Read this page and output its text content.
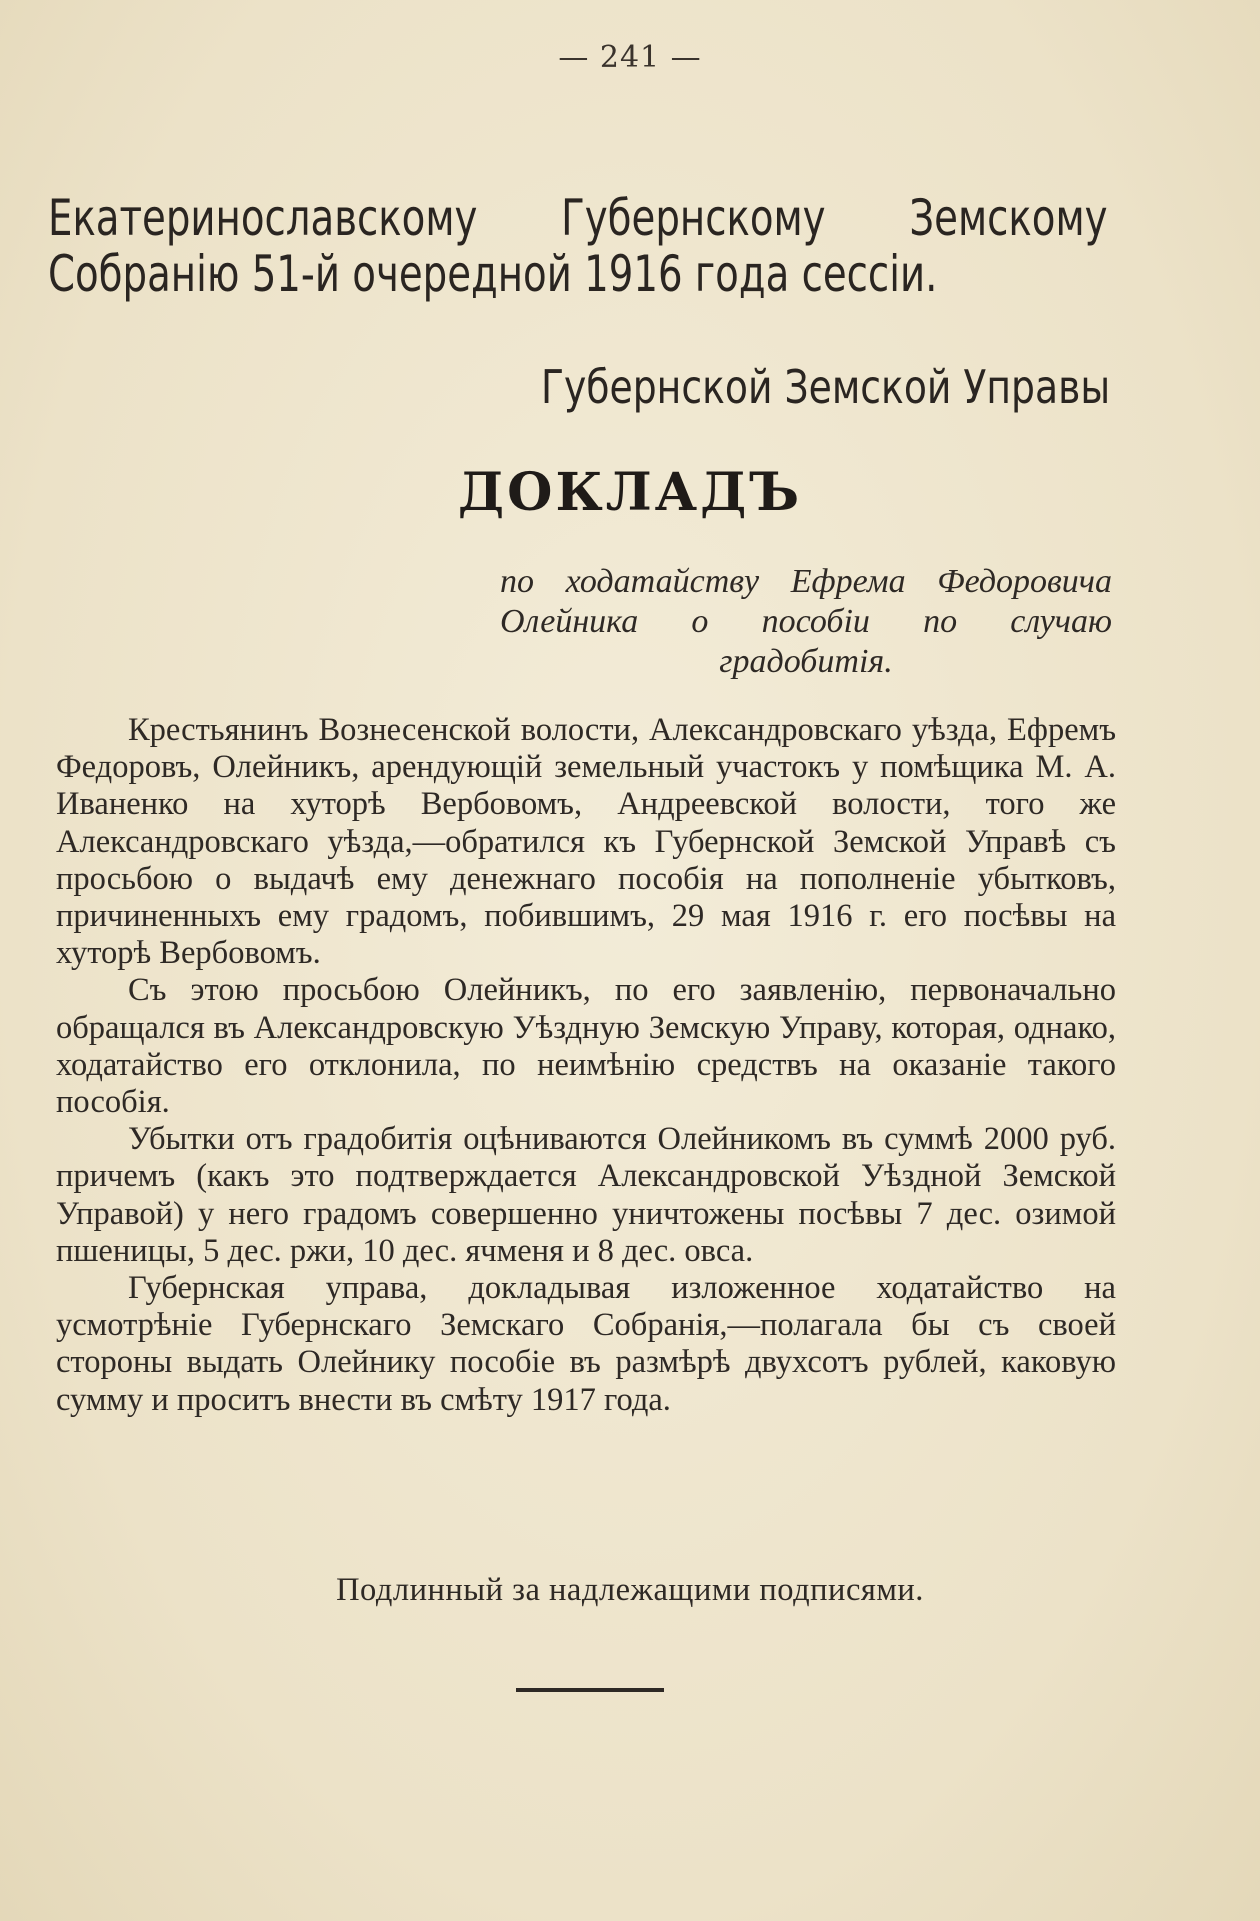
— 241 —
Екатеринославскому Губернскому Земскому Собранію 51-й очередной 1916 года сессіи.
Губернской Земской Управы
ДОКЛАДЪ
по ходатайству Ефрема Федоровича Олейника о пособіи по случаю градобитія.

Крестьянинъ Вознесенской волости, Александровскаго уѣзда, Ефремъ Федоровъ, Олейникъ, арендующій земельный участокъ у помѣщика М. А. Иваненко на хуторѣ Вербовомъ, Андреевской волости, того же Александровскаго уѣзда,—обратился къ Губернской Земской Управѣ съ просьбою о выдачѣ ему денежнаго пособія на пополненіе убытковъ, причиненныхъ ему градомъ, побившимъ, 29 мая 1916 г. его посѣвы на хуторѣ Вербовомъ.

Съ этою просьбою Олейникъ, по его заявленію, первоначально обращался въ Александровскую Уѣздную Земскую Управу, которая, однако, ходатайство его отклонила, по неимѣнію средствъ на оказаніе такого пособія.

Убытки отъ градобитія оцѣниваются Олейникомъ въ суммѣ 2000 руб. причемъ (какъ это подтверждается Александровской Уѣздной Земской Управой) у него градомъ совершенно уничтожены посѣвы 7 дес. озимой пшеницы, 5 дес. ржи, 10 дес. ячменя и 8 дес. овса.

Губернская управа, докладывая изложенное ходатайство на усмотрѣніе Губернскаго Земскаго Собранія,—полагала бы съ своей стороны выдать Олейнику пособіе въ размѣрѣ двухсотъ рублей, каковую сумму и проситъ внести въ смѣту 1917 года.

Подлинный за надлежащими подписями.
